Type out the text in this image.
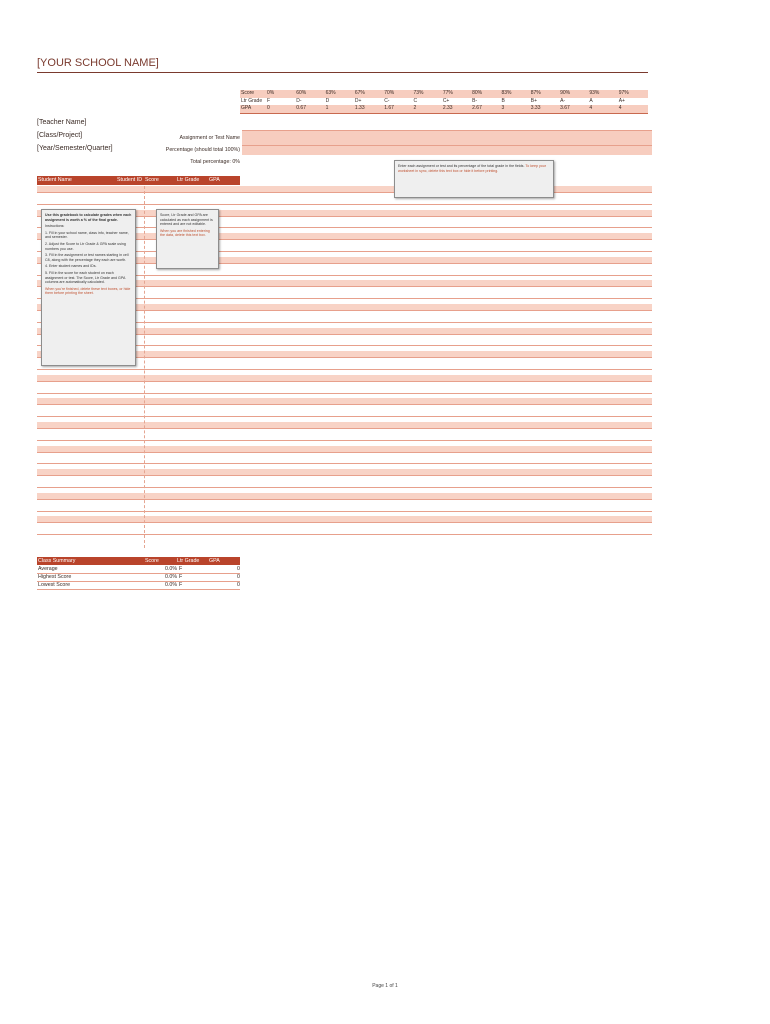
[YOUR SCHOOL NAME]
Score	0%	60%	63%	67%	70%	73%	77%	80%	83%	87%	90%	93%	97%
Ltr Grade F	D-	D	D+	C-	C	C+	B-	B	B+	A-	A	A+
GPA	0	0.67	1	1.33	1.67	2	2.33	2.67	3	3.33	3.67	4	4
[Teacher Name]
[Class/Project]
[Year/Semester/Quarter]
Assignment or Test Name
Percentage (should total 100%)
Total percentage: 0%
Student Name	Student ID Score	Ltr Grade GPA

Enter each assignment or test and its percentage of the total grade in the fields. To keep your worksheet in sync, delete this text box or hide it before printing.

Use this gradebook to calculate grades when each assignment is worth a % of the final grade.

Instructions:

1. Fill in your school name, class info, teacher name, and semester.

2. Adjust the Score to Ltr Grade & GPA scale using numbers you use.

3. Fill in the assignment or test names starting in cell C8, along with the percentage they each are worth.

4. Enter student names and IDs.

5. Fill in the score for each student on each assignment or test. The Score, Ltr Grade and GPA columns are automatically calculated.

When you're finished, delete these text boxes, or hide them before printing the sheet.

Score, Ltr Grade and GPA are calculated as each assignment is entered and are not editable.

When you are finished entering the data, delete this text box.

Class Summary	Score	Ltr Grade GPA
Average	0.0% F	0
Highest Score	0.0% F	0
Lowest Score	0.0% F	0
Page 1 of 1
